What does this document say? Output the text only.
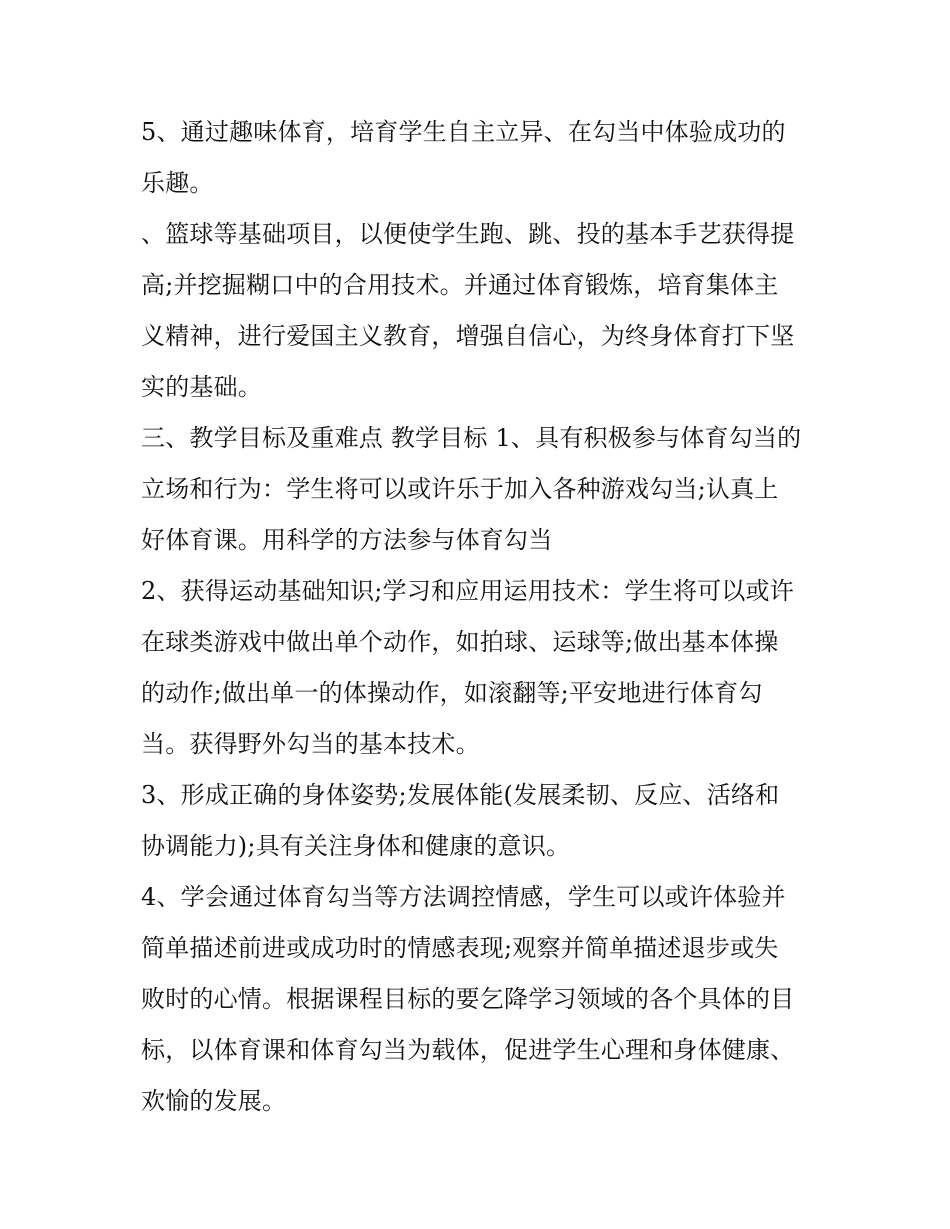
5、通过趣味体育，培育学生自主立异、在勾当中体验成功的
乐趣。
、篮球等基础项目，以便使学生跑、跳、投的基本手艺获得提
高;并挖掘糊口中的合用技术。并通过体育锻炼，培育集体主
义精神，进行爱国主义教育，增强自信心，为终身体育打下坚
实的基础。
三、教学目标及重难点 教学目标 1、具有积极参与体育勾当的
立场和行为：学生将可以或许乐于加入各种游戏勾当;认真上
好体育课。用科学的方法参与体育勾当
2、获得运动基础知识;学习和应用运用技术：学生将可以或许
在球类游戏中做出单个动作，如拍球、运球等;做出基本体操
的动作;做出单一的体操动作，如滚翻等;平安地进行体育勾
当。获得野外勾当的基本技术。
3、形成正确的身体姿势;发展体能(发展柔韧、反应、活络和
协调能力);具有关注身体和健康的意识。
4、学会通过体育勾当等方法调控情感，学生可以或许体验并
简单描述前进或成功时的情感表现;观察并简单描述退步或失
败时的心情。根据课程目标的要乞降学习领域的各个具体的目
标，以体育课和体育勾当为载体，促进学生心理和身体健康、
欢愉的发展。
